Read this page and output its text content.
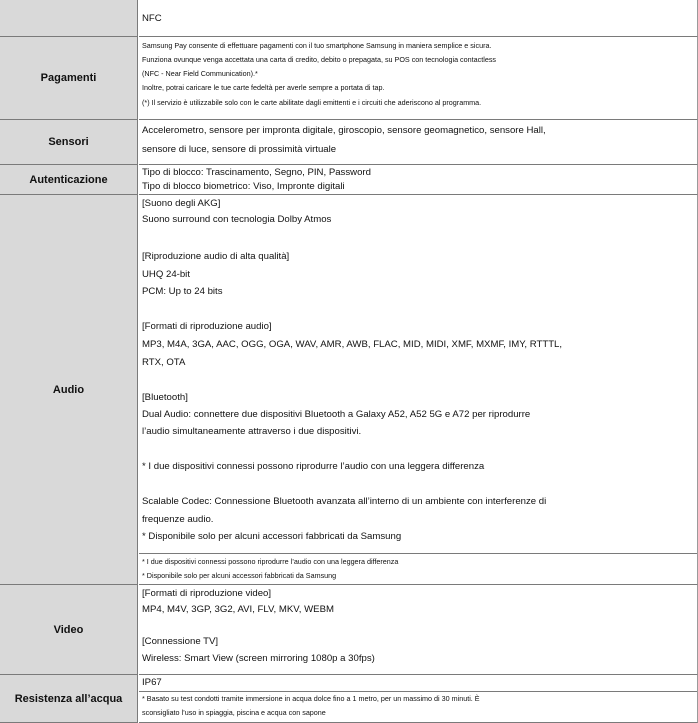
NFC
Pagamenti
Samsung Pay consente di effettuare pagamenti con il tuo smartphone Samsung in maniera semplice e sicura.
Funziona ovunque venga accettata una carta di credito, debito o prepagata, su POS con tecnologia contactless
(NFC - Near Field Communication).*
Inoltre, potrai caricare le tue carte fedeltà per averle sempre a portata di tap.
(*) Il servizio è utilizzabile solo con le carte abilitate dagli emittenti e i circuiti che aderiscono al programma.
Sensori
Accelerometro, sensore per impronta digitale, giroscopio, sensore geomagnetico, sensore Hall,
sensore di luce, sensore di prossimità virtuale
Autenticazione
Tipo di blocco: Trascinamento, Segno, PIN, Password
Tipo di blocco biometrico: Viso, Impronte digitali
Audio
[Suono degli AKG]
Suono surround con tecnologia Dolby Atmos
[Riproduzione audio di alta qualità]
UHQ 24-bit
PCM: Up to 24 bits
[Formati di riproduzione audio]
MP3, M4A, 3GA, AAC, OGG, OGA, WAV, AMR, AWB, FLAC, MID, MIDI, XMF, MXMF, IMY, RTTTL,
RTX, OTA
[Bluetooth]
Dual Audio: connettere due dispositivi Bluetooth a Galaxy A52, A52 5G e A72 per riprodurre
l’audio simultaneamente attraverso i due dispositivi.
* I due dispositivi connessi possono riprodurre l’audio con una leggera differenza
Scalable Codec: Connessione Bluetooth avanzata all’interno di un ambiente con interferenze di
frequenze audio.
* Disponibile solo per alcuni accessori fabbricati da Samsung
* I due dispositivi connessi possono riprodurre l’audio con una leggera differenza
* Disponibile solo per alcuni accessori fabbricati da Samsung
Video
[Formati di riproduzione video]
MP4, M4V, 3GP, 3G2, AVI, FLV, MKV, WEBM
[Connessione TV]
Wireless: Smart View (screen mirroring 1080p a 30fps)
Resistenza all’acqua
IP67
* Basato su test condotti tramite immersione in acqua dolce fino a 1 metro, per un massimo di 30 minuti. È
sconsigliato l’uso in spiaggia, piscina e acqua con sapone
